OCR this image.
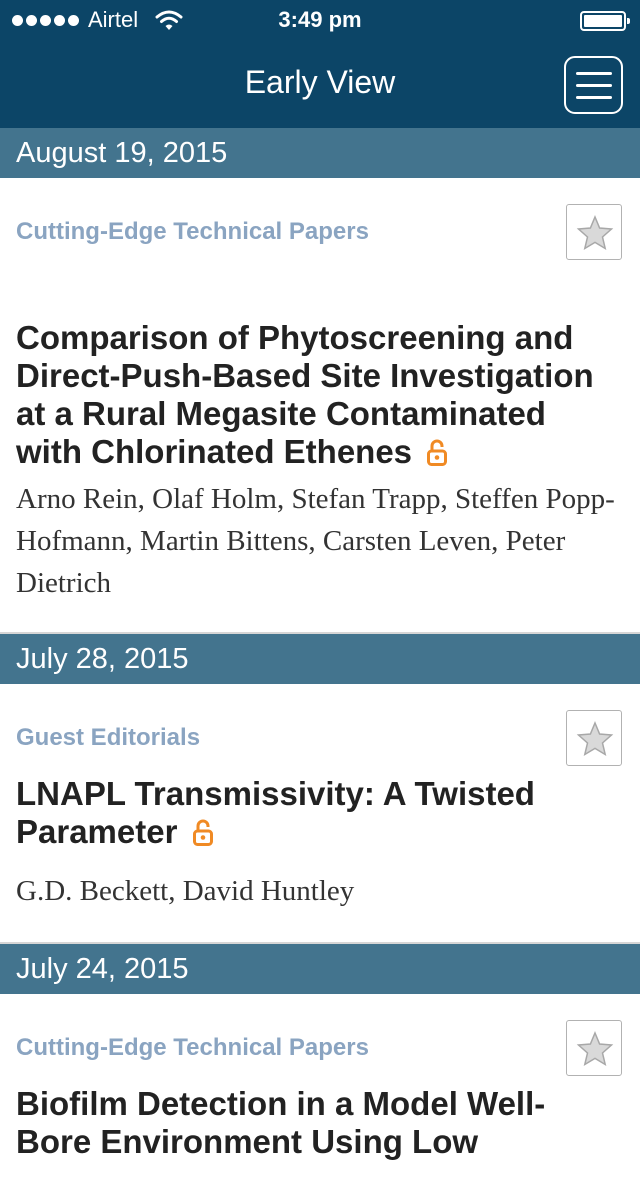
Airtel	3:49 pm
Early View
August 19, 2015
Cutting-Edge Technical Papers
Comparison of Phytoscreening and Direct-Push-Based Site Investigation at a Rural Megasite Contaminated with Chlorinated Ethenes
Arno Rein, Olaf Holm, Stefan Trapp, Steffen Popp-Hofmann, Martin Bittens, Carsten Leven, Peter Dietrich
July 28, 2015
Guest Editorials
LNAPL Transmissivity: A Twisted Parameter
G.D. Beckett, David Huntley
July 24, 2015
Cutting-Edge Technical Papers
Biofilm Detection in a Model Well-Bore Environment Using Low
